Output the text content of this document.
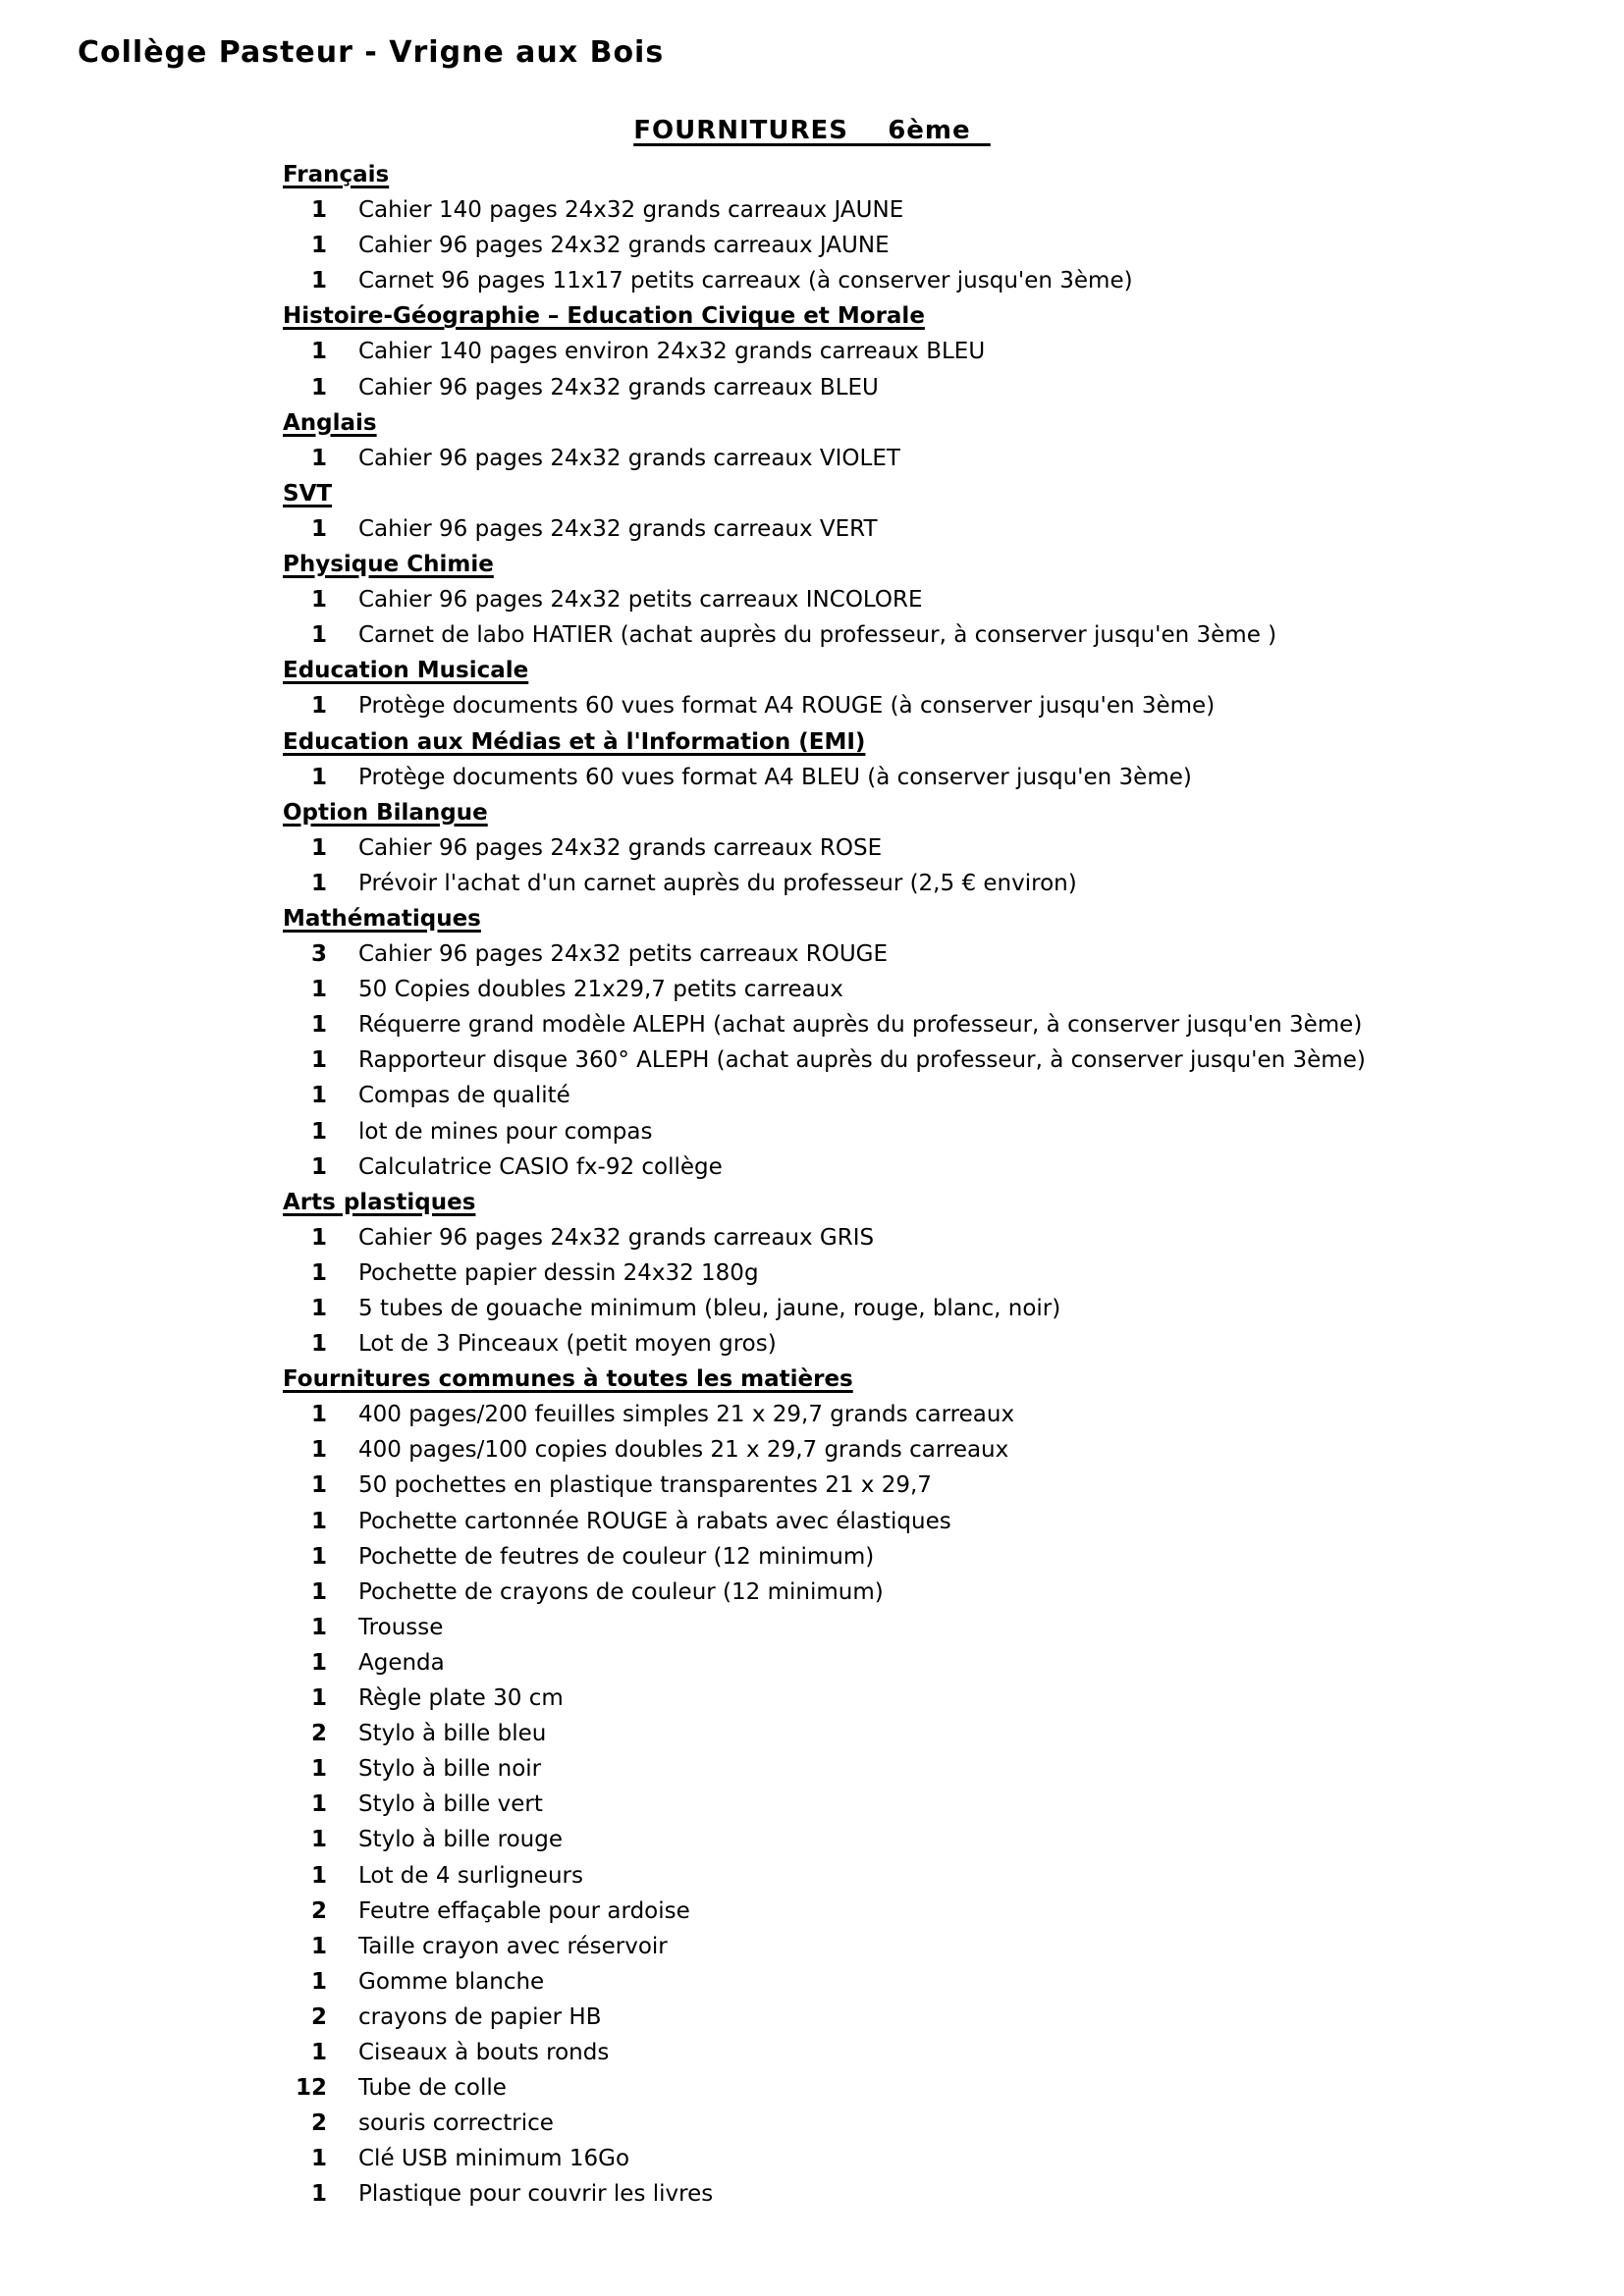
Collège Pasteur - Vrigne aux Bois
FOURNITURES    6ème
Français
1 Cahier 140 pages 24x32 grands carreaux JAUNE
1 Cahier 96 pages 24x32 grands carreaux JAUNE
1 Carnet 96 pages 11x17 petits carreaux (à conserver jusqu'en 3ème)
Histoire-Géographie – Education Civique et Morale
1 Cahier 140 pages environ 24x32 grands carreaux BLEU
1 Cahier 96 pages 24x32 grands carreaux BLEU
Anglais
1 Cahier 96 pages 24x32 grands carreaux VIOLET
SVT
1 Cahier 96 pages 24x32 grands carreaux VERT
Physique Chimie
1 Cahier 96 pages 24x32 petits carreaux INCOLORE
1 Carnet de labo HATIER (achat auprès du professeur, à conserver jusqu'en 3ème )
Education Musicale
1 Protège documents 60 vues format A4 ROUGE (à conserver jusqu'en 3ème)
Education aux Médias et à l'Information (EMI)
1 Protège documents 60 vues format A4 BLEU (à conserver jusqu'en 3ème)
Option Bilangue
1 Cahier 96 pages 24x32 grands carreaux ROSE
1 Prévoir l'achat d'un carnet auprès du professeur (2,5 € environ)
Mathématiques
3 Cahier 96 pages 24x32 petits carreaux ROUGE
1 50 Copies doubles 21x29,7 petits carreaux
1 Réquerre grand modèle ALEPH (achat auprès du professeur, à conserver jusqu'en 3ème)
1 Rapporteur disque 360° ALEPH (achat auprès du professeur, à conserver jusqu'en 3ème)
1 Compas de qualité
1 lot de mines pour compas
1 Calculatrice CASIO fx-92 collège
Arts plastiques
1 Cahier 96 pages 24x32 grands carreaux GRIS
1 Pochette papier dessin 24x32 180g
1 5 tubes de gouache minimum (bleu, jaune, rouge, blanc, noir)
1 Lot de 3 Pinceaux (petit moyen gros)
Fournitures communes à toutes les matières
1 400 pages/200 feuilles simples 21 x 29,7 grands carreaux
1 400 pages/100 copies doubles 21 x 29,7 grands carreaux
1 50 pochettes en plastique transparentes 21 x 29,7
1 Pochette cartonnée ROUGE à rabats avec élastiques
1 Pochette de feutres de couleur (12 minimum)
1 Pochette de crayons de couleur (12 minimum)
1 Trousse
1 Agenda
1 Règle plate 30 cm
2 Stylo à bille bleu
1 Stylo à bille noir
1 Stylo à bille vert
1 Stylo à bille rouge
1 Lot de 4 surligneurs
2 Feutre effaçable pour ardoise
1 Taille crayon avec réservoir
1 Gomme blanche
2 crayons de papier HB
1 Ciseaux à bouts ronds
12 Tube de colle
2 souris correctrice
1 Clé USB minimum 16Go
1 Plastique pour couvrir les livres
